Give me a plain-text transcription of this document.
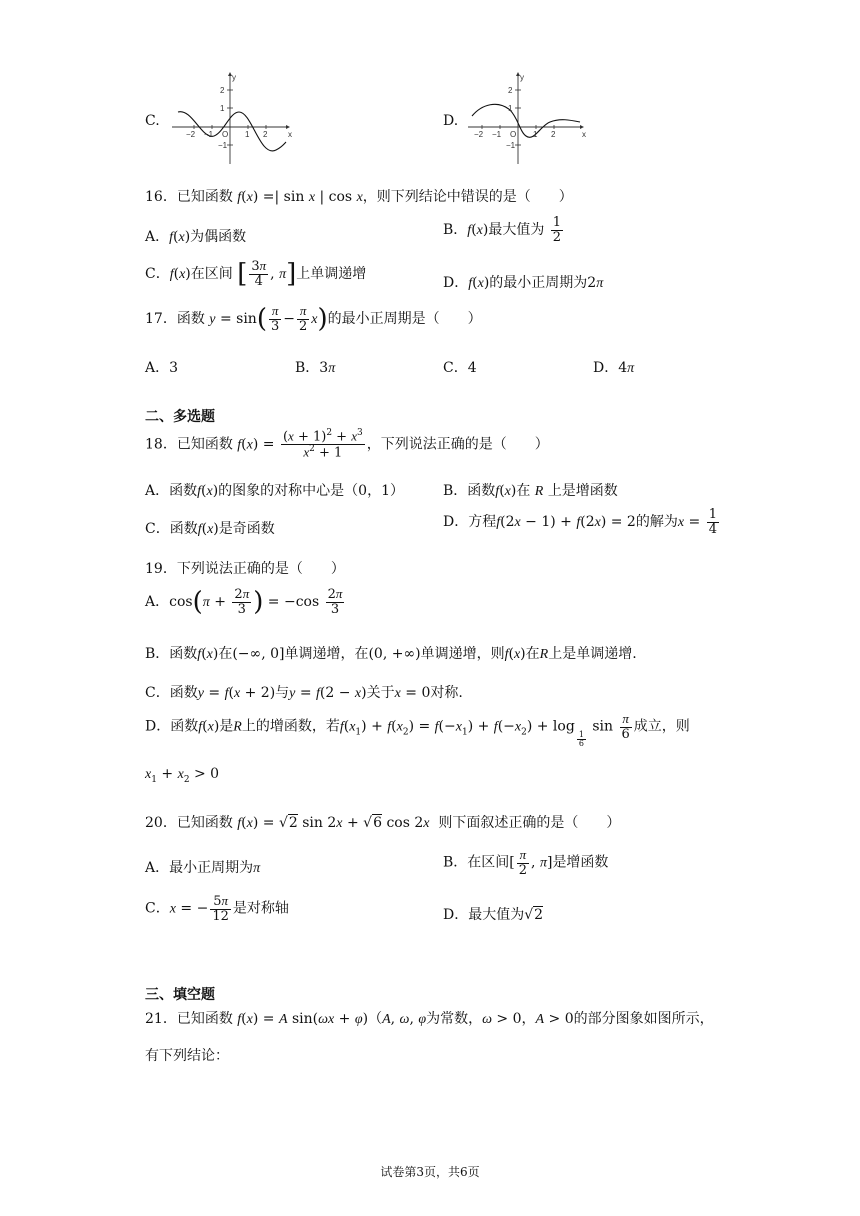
C.
y
x
2
1
−1
−2 −1 O 1 2
D.
y
x
2
1
−1
−2 −1 O 1 2
16．已知函数 f(x) =| sin x | cos x，则下列结论中错误的是（　　）
A．f(x)为偶函数	B．f(x)最大值为 $\frac{1}{2}$
C．f(x)在区间 [ $\frac{3\pi}{4}$ , π]上单调递增
D．f(x)的最小正周期为2π
17．函数 $y = \sin( \frac{\pi}{3} - \frac{\pi}{2} x)$的最小正周期是（　　）
A．3	B．3π	C．4	D．4π
二、多选题
18．已知函数 $f(x) = \frac{(x + 1)^2 + x^3}{x^2 + 1}$ ，下列说法正确的是（　　）
A．函数f(x)的图象的对称中心是（0，1）	B．函数f(x)在 R 上是增函数
C．函数f(x)是奇函数	D．方程f(2x − 1) + f(2x) = 2的解为$x = \frac{1}{4}$
19．下列说法正确的是（　　）
A．$\cos(\pi + \frac{2\pi}{3}$ ) = $-\cos \frac{2\pi}{3}$
B．函数f(x)在(−∞, 0]单调递增，在(0, +∞)单调递增，则f(x)在R上是单调递增.
C．函数y = f(x + 2)与y = f(2 − x)关于x = 0对称.
D．函数f(x)是R上的增函数，若$f(x_1) + f(x_2) = f(-x_1) + f(-x_2) + \log$
$_{\frac{1}{6}}$
$\sin \frac{\pi}{6}$ 成立，则
$x_1 + x_2 > 0$
20．已知函数 f(x) = √2 sin 2x + √6 cos 2x 则下面叙述正确的是（　　）
A．最小正周期为π	B．在区间[ $\frac{\pi}{2}$ , π]是增函数
C．x = − $\frac{5\pi}{12}$ 是对称轴	D．最大值为√2
三、填空题
21．已知函数 f(x) = A sin(ωx + φ)（A, ω, φ为常数，ω > 0，A > 0的部分图象如图所示，
有下列结论：
试卷第3页，共6页
